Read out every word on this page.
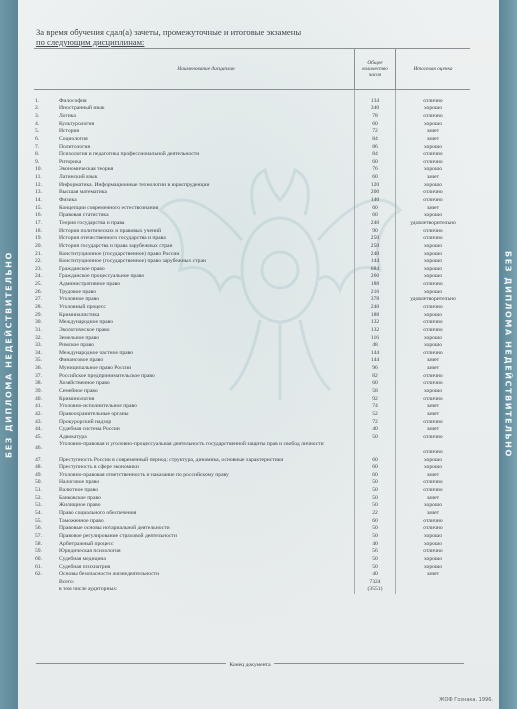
БЕЗ ДИПЛОМА НЕДЕЙСТВИТЕЛЬНО	БЕЗ ДИПЛОМА НЕДЕЙСТВИТЕЛЬНО
За время обучения сдал(а) зачеты, промежуточные и итоговые экзамены
по следующим дисциплинам:
	Наименование дисциплин	Общее количество часов	Итоговая оценка

1.	Философия	134	отлично
2.	Иностранный язык	340	хорошо
3.	Логика	78	отлично
4.	Культурология	60	хорошо
5.	История	72	зачет
6.	Социология	84	зачет
7.	Политология	86	хорошо
8.	Психология и педагогика профессиональной деятельности	84	отлично
9.	Риторика	60	отлично
10.	Экономическая теория	76	хорошо
11.	Латинский язык	60	зачет
12.	Информатика. Информационные технологии в юриспруденции	120	хорошо
13.	Высшая математика	200	отлично
14.	Физика	140	отлично
15.	Концепции современного естествознания	60	зачет
16.	Правовая статистика	60	хорошо
17.	Теория государства и права	240	удовлетворительно
18.	История политических и правовых учений	90	отлично
19.	История отечественного государства и права	250	отлично
20.	История государства и права зарубежных стран	250	хорошо
21.	Конституционное (государственное) право России	240	хорошо
22.	Конституционное (государственное) право зарубежных стран	144	хорошо
23.	Гражданское право	684	хорошо
24.	Гражданское процессуальное право	260	хорошо
25.	Административное право	188	отлично
26.	Трудовое право	216	хорошо
27.	Уголовное право	378	удовлетворительно
28.	Уголовный процесс	240	отлично
29.	Криминалистика	188	хорошо
30.	Международное право	132	отлично
31.	Экологическое право	132	отлично
32.	Земельное право	116	хорошо
33.	Римское право	48	хорошо
34.	Международное частное право	144	отлично
35.	Финансовое право	144	зачет
36.	Муниципальное право России	96	зачет
37.	Российское предпринимательское право	82	отлично
38.	Хозяйственное право	60	отлично
39.	Семейное право	58	хорошо
40.	Криминология	92	отлично
41.	Уголовно-исполнительное право	74	зачет
42.	Правоохранительные органы	52	зачет
43.	Прокурорский надзор	72	отлично
44.	Судебная система России	40	зачет
45.	Адвокатура	50	отлично
46.	Уголовно-правовая и уголовно-процессуальная деятельность государственной защиты прав и свобод личности		отлично
47.	Преступность России в современный период: структура, динамика, основные характеристики	60	хорошо
48.	Преступность в сфере экономики	60	хорошо
49.	Уголовно-правовая ответственность и наказание по российскому праву	60	зачет
50.	Налоговое право	50	отлично
51.	Валютное право	50	отлично
52.	Банковское право	50	зачет
53.	Жилищное право	50	хорошо
54.	Право социального обеспечения	22	зачет
55.	Таможенное право	60	отлично
56.	Правовые основы нотариальной деятельности	50	отлично
57.	Правовое регулирование страховой деятельности	50	хорошо
58.	Арбитражный процесс	40	хорошо
59.	Юридическая психология	56	отлично
60.	Судебная медицина	50	хорошо
61.	Судебная психиатрия	50	хорошо
62.	Основы безопасности жизнедеятельности	40	зачет
	Всего:	7324	
	в том числе аудиторных:	(3551)	
Конец документа
ЖОФ Гознака. 1996.
